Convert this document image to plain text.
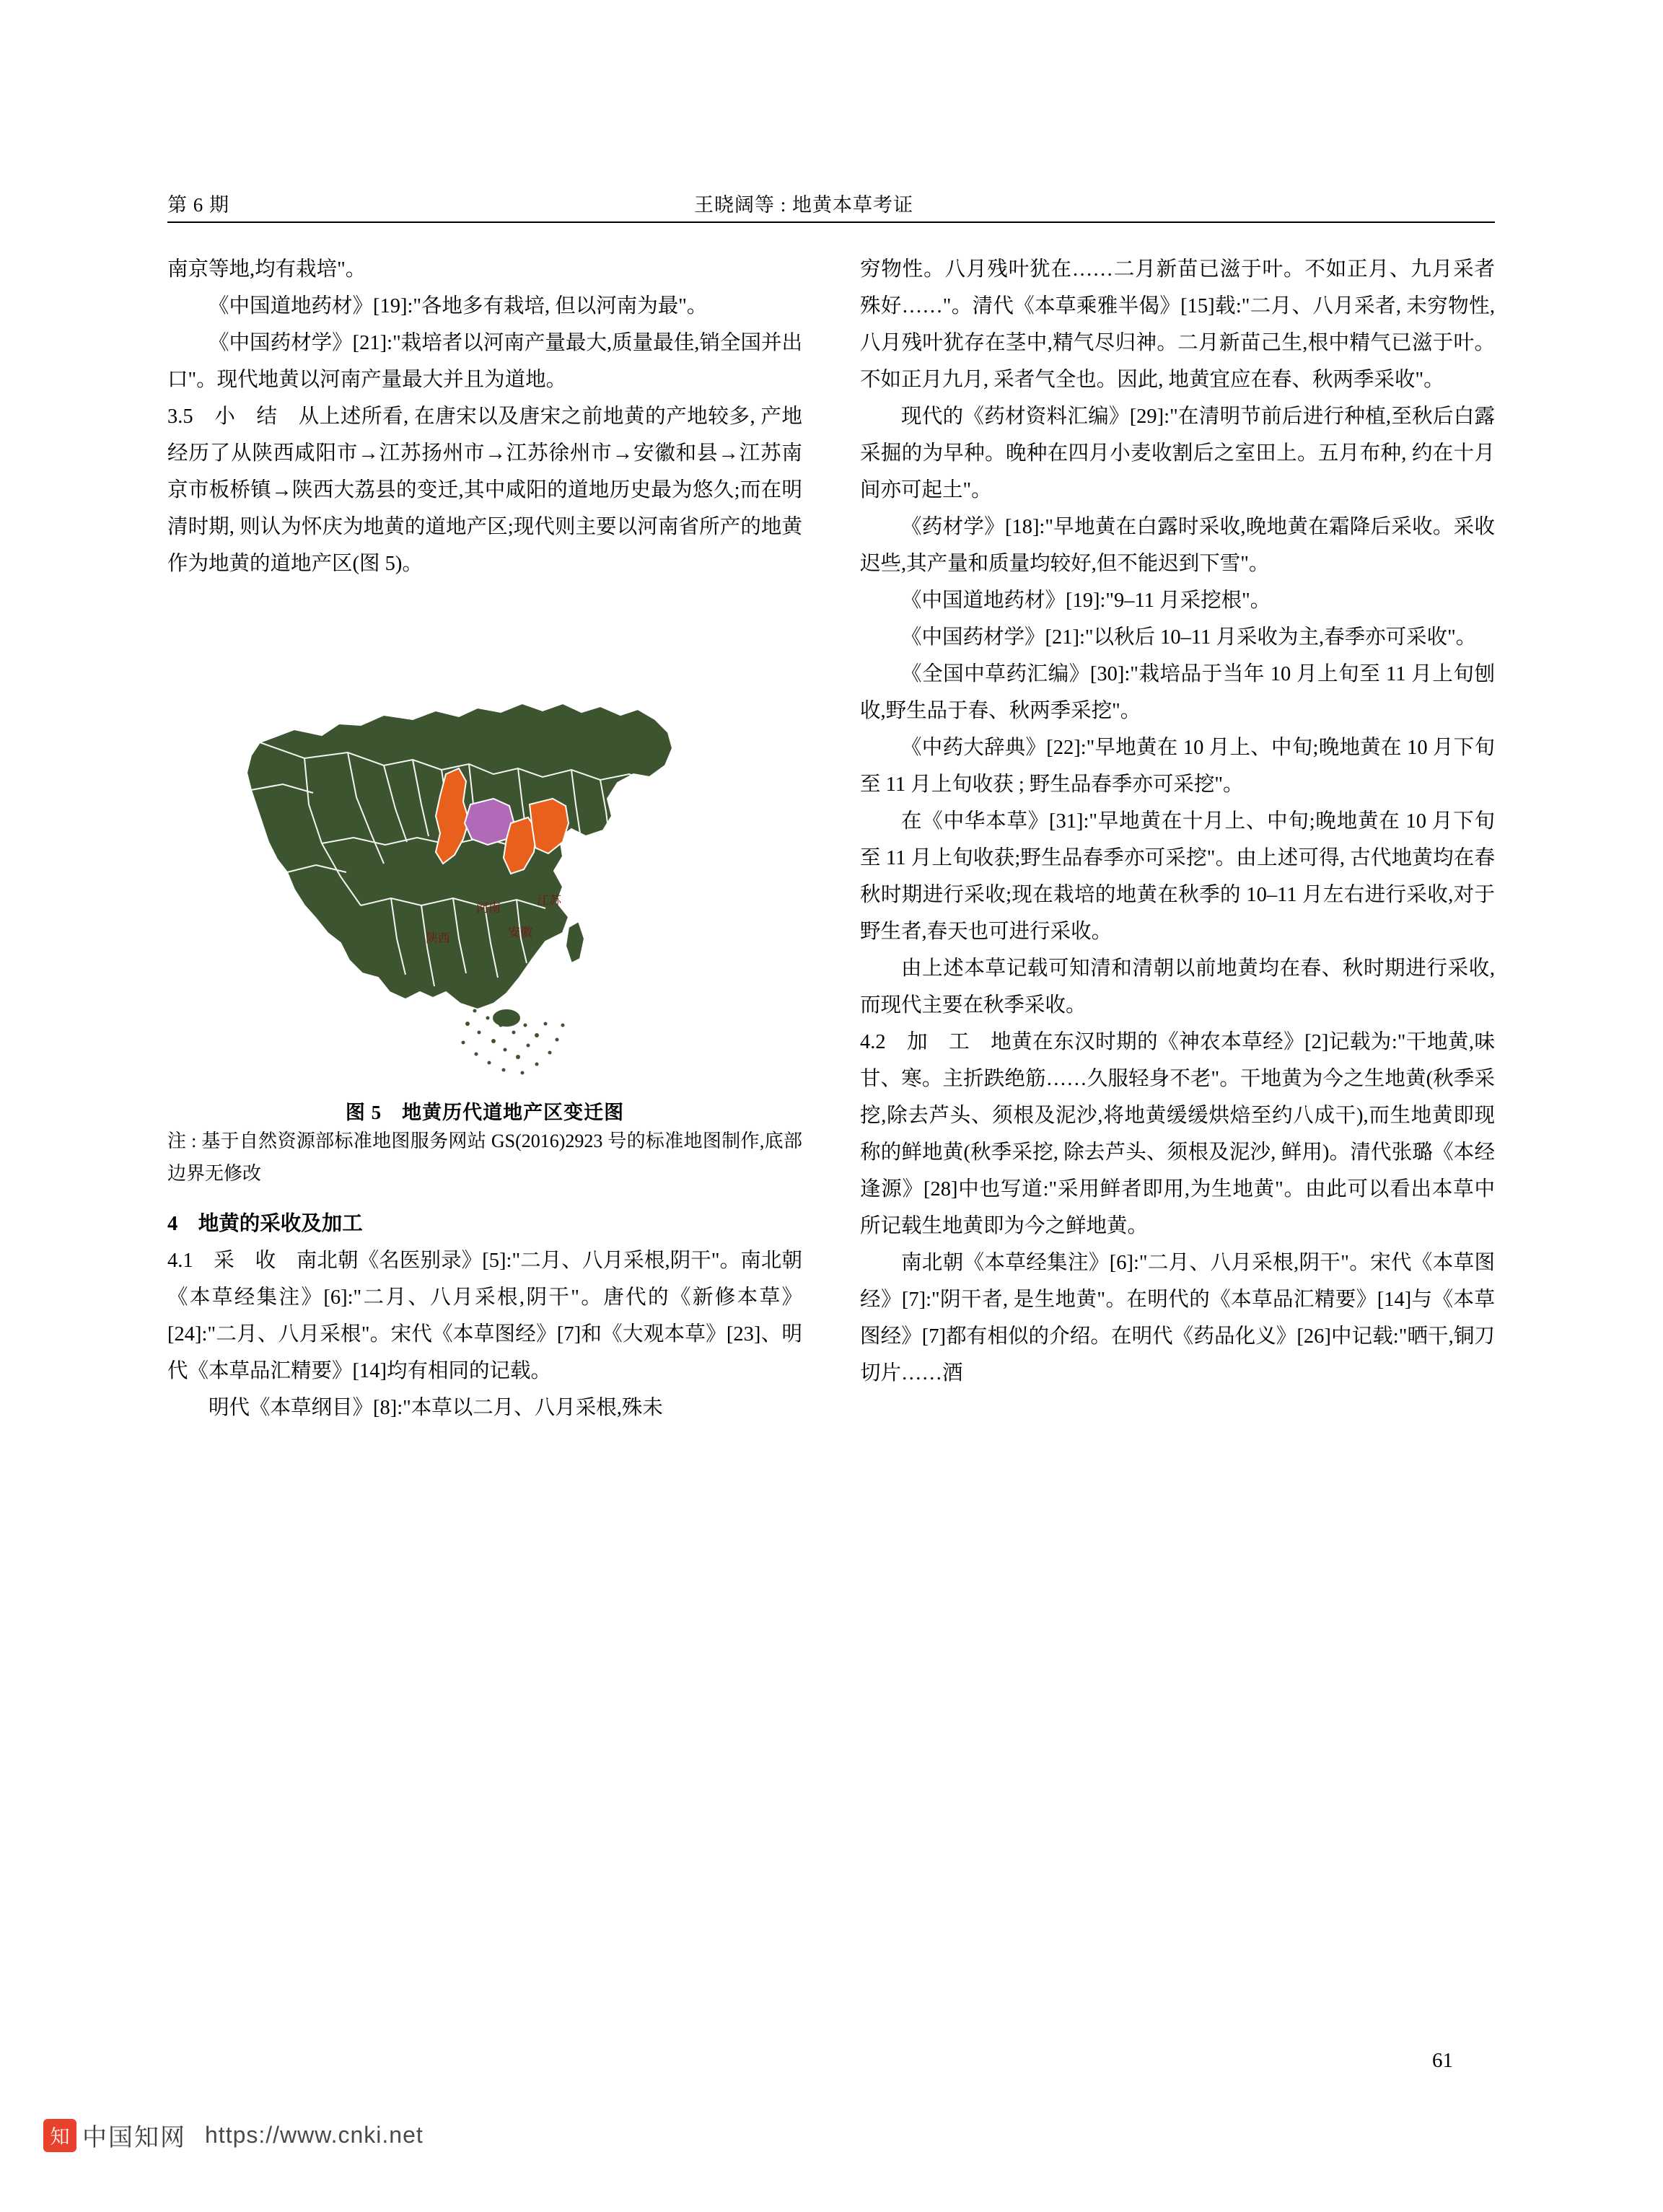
第 6 期	王晓阔等 : 地黄本草考证

南京等地,均有栽培"。

《中国道地药材》[19]:"各地多有栽培, 但以河南为最"。

《中国药材学》[21]:"栽培者以河南产量最大,质量最佳,销全国并出口"。现代地黄以河南产量最大并且为道地。

3.5　小　结　从上述所看, 在唐宋以及唐宋之前地黄的产地较多, 产地经历了从陕西咸阳市→江苏扬州市→江苏徐州市→安徽和县→江苏南京市板桥镇→陕西大荔县的变迁,其中咸阳的道地历史最为悠久;而在明清时期, 则认为怀庆为地黄的道地产区;现代则主要以河南省所产的地黄作为地黄的道地产区(图 5)。

陕西
河南
安徽
江苏
图 5　地黄历代道地产区变迁图

注 : 基于自然资源部标准地图服务网站 GS(2016)2923 号的标准地图制作,底部边界无修改

4　地黄的采收及加工

4.1　采　收　南北朝《名医别录》[5]:"二月、八月采根,阴干"。南北朝《本草经集注》[6]:"二月、八月采根,阴干"。唐代的《新修本草》[24]:"二月、八月采根"。宋代《本草图经》[7]和《大观本草》[23]、明代《本草品汇精要》[14]均有相同的记载。

明代《本草纲目》[8]:"本草以二月、八月采根,殊未

穷物性。八月残叶犹在……二月新苗已滋于叶。不如正月、九月采者殊好……"。清代《本草乘雅半偈》[15]载:"二月、八月采者, 未穷物性, 八月残叶犹存在茎中,精气尽归神。二月新苗己生,根中精气已滋于叶。不如正月九月, 采者气全也。因此, 地黄宜应在春、秋两季采收"。

现代的《药材资料汇编》[29]:"在清明节前后进行种植,至秋后白露采掘的为早种。晚种在四月小麦收割后之室田上。五月布种, 约在十月间亦可起土"。

《药材学》[18]:"早地黄在白露时采收,晚地黄在霜降后采收。采收迟些,其产量和质量均较好,但不能迟到下雪"。

《中国道地药材》[19]:"9–11 月采挖根"。

《中国药材学》[21]:"以秋后 10–11 月采收为主,春季亦可采收"。

《全国中草药汇编》[30]:"栽培品于当年 10 月上旬至 11 月上旬刨收,野生品于春、秋两季采挖"。

《中药大辞典》[22]:"早地黄在 10 月上、中旬;晚地黄在 10 月下旬至 11 月上旬收获 ; 野生品春季亦可采挖"。

在《中华本草》[31]:"早地黄在十月上、中旬;晚地黄在 10 月下旬至 11 月上旬收获;野生品春季亦可采挖"。由上述可得, 古代地黄均在春秋时期进行采收;现在栽培的地黄在秋季的 10–11 月左右进行采收,对于野生者,春天也可进行采收。

由上述本草记载可知清和清朝以前地黄均在春、秋时期进行采收,而现代主要在秋季采收。

4.2　加　工　地黄在东汉时期的《神农本草经》[2]记载为:"干地黄,味甘、寒。主折跌绝筋……久服轻身不老"。干地黄为今之生地黄(秋季采挖,除去芦头、须根及泥沙,将地黄缓缓烘焙至约八成干),而生地黄即现称的鲜地黄(秋季采挖, 除去芦头、须根及泥沙, 鲜用)。清代张璐《本经逢源》[28]中也写道:"采用鲜者即用,为生地黄"。由此可以看出本草中所记载生地黄即为今之鲜地黄。

南北朝《本草经集注》[6]:"二月、八月采根,阴干"。宋代《本草图经》[7]:"阴干者, 是生地黄"。在明代的《本草品汇精要》[14]与《本草图经》[7]都有相似的介绍。在明代《药品化义》[26]中记载:"晒干,铜刀切片……酒

61
知 中国知网 https://www.cnki.net
